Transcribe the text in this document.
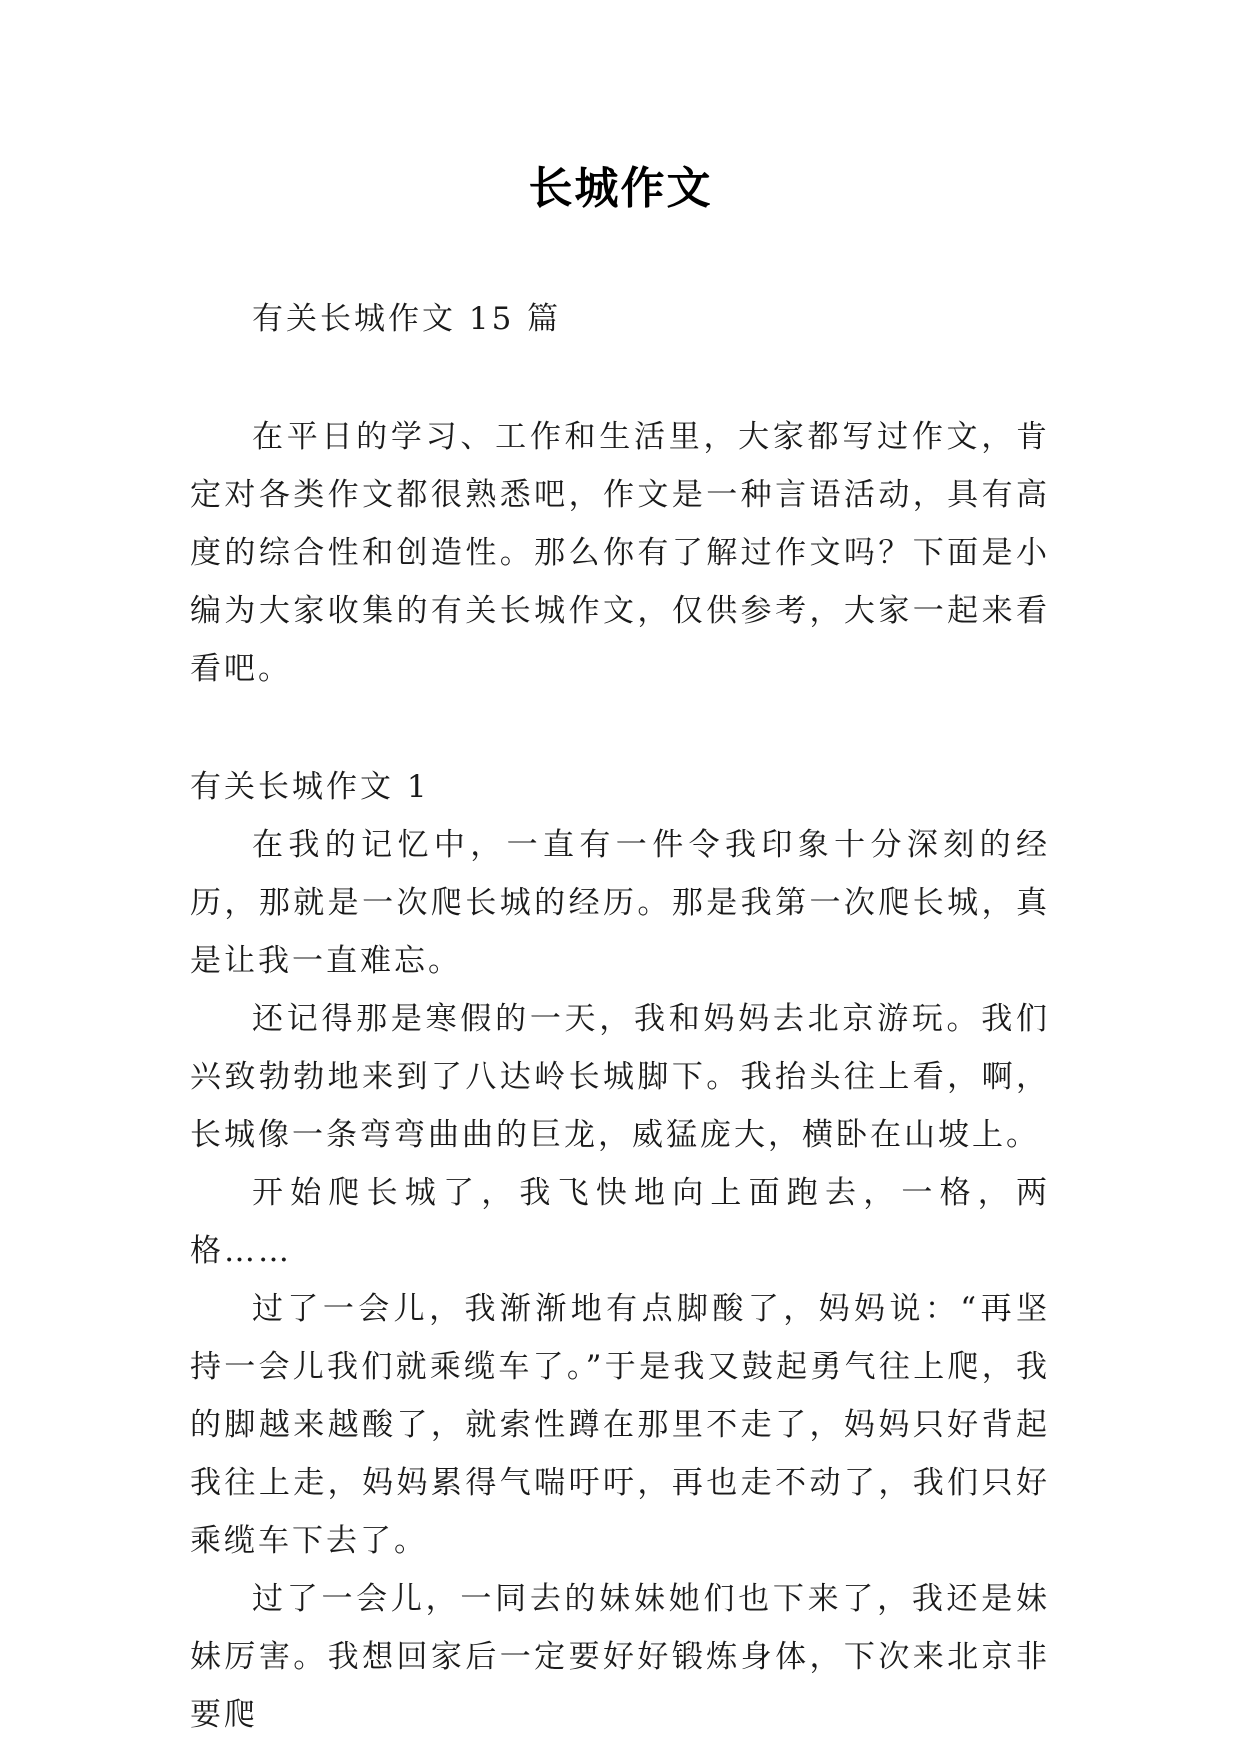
长城作文

有关长城作文 15 篇

在平日的学习、工作和生活里，大家都写过作文，肯定对各类作文都很熟悉吧，作文是一种言语活动，具有高度的综合性和创造性。那么你有了解过作文吗？下面是小编为大家收集的有关长城作文，仅供参考，大家一起来看看吧。

有关长城作文 1

在我的记忆中，一直有一件令我印象十分深刻的经历，那就是一次爬长城的经历。那是我第一次爬长城，真是让我一直难忘。

还记得那是寒假的一天，我和妈妈去北京游玩。我们兴致勃勃地来到了八达岭长城脚下。我抬头往上看，啊，长城像一条弯弯曲曲的巨龙，威猛庞大，横卧在山坡上。

开始爬长城了，我飞快地向上面跑去，一格，两格……

过了一会儿，我渐渐地有点脚酸了，妈妈说：“再坚持一会儿我们就乘缆车了。”于是我又鼓起勇气往上爬，我的脚越来越酸了，就索性蹲在那里不走了，妈妈只好背起我往上走，妈妈累得气喘吁吁，再也走不动了，我们只好乘缆车下去了。

过了一会儿，一同去的妹妹她们也下来了，我还是妹妹厉害。我想回家后一定要好好锻炼身体，下次来北京非要爬
